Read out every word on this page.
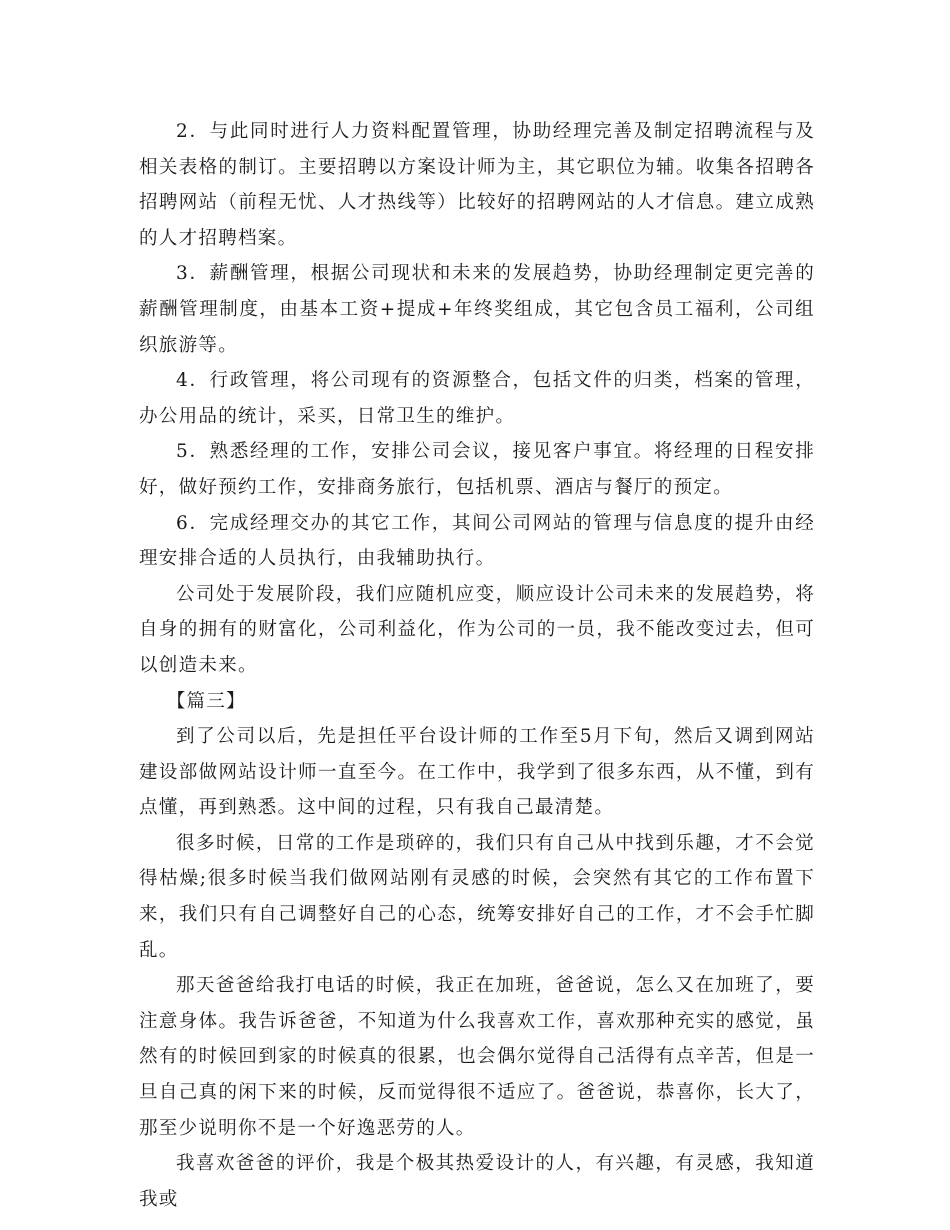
2．与此同时进行人力资料配置管理，协助经理完善及制定招聘流程与及相关表格的制订。主要招聘以方案设计师为主，其它职位为辅。收集各招聘各招聘网站（前程无忧、人才热线等）比较好的招聘网站的人才信息。建立成熟的人才招聘档案。

3．薪酬管理，根据公司现状和未来的发展趋势，协助经理制定更完善的薪酬管理制度，由基本工资+提成+年终奖组成，其它包含员工福利，公司组织旅游等。

4．行政管理，将公司现有的资源整合，包括文件的归类，档案的管理，办公用品的统计，采买，日常卫生的维护。

5．熟悉经理的工作，安排公司会议，接见客户事宜。将经理的日程安排好，做好预约工作，安排商务旅行，包括机票、酒店与餐厅的预定。

6．完成经理交办的其它工作，其间公司网站的管理与信息度的提升由经理安排合适的人员执行，由我辅助执行。

公司处于发展阶段，我们应随机应变，顺应设计公司未来的发展趋势，将自身的拥有的财富化，公司利益化，作为公司的一员，我不能改变过去，但可以创造未来。

【篇三】

到了公司以后，先是担任平台设计师的工作至5月下旬，然后又调到网站建设部做网站设计师一直至今。在工作中，我学到了很多东西，从不懂，到有点懂，再到熟悉。这中间的过程，只有我自己最清楚。

很多时候，日常的工作是琐碎的，我们只有自己从中找到乐趣，才不会觉得枯燥;很多时候当我们做网站刚有灵感的时候，会突然有其它的工作布置下来，我们只有自己调整好自己的心态，统筹安排好自己的工作，才不会手忙脚乱。

那天爸爸给我打电话的时候，我正在加班，爸爸说，怎么又在加班了，要注意身体。我告诉爸爸，不知道为什么我喜欢工作，喜欢那种充实的感觉，虽然有的时候回到家的时候真的很累，也会偶尔觉得自己活得有点辛苦，但是一旦自己真的闲下来的时候，反而觉得很不适应了。爸爸说，恭喜你，长大了，那至少说明你不是一个好逸恶劳的人。

我喜欢爸爸的评价，我是个极其热爱设计的人，有兴趣，有灵感，我知道我或
